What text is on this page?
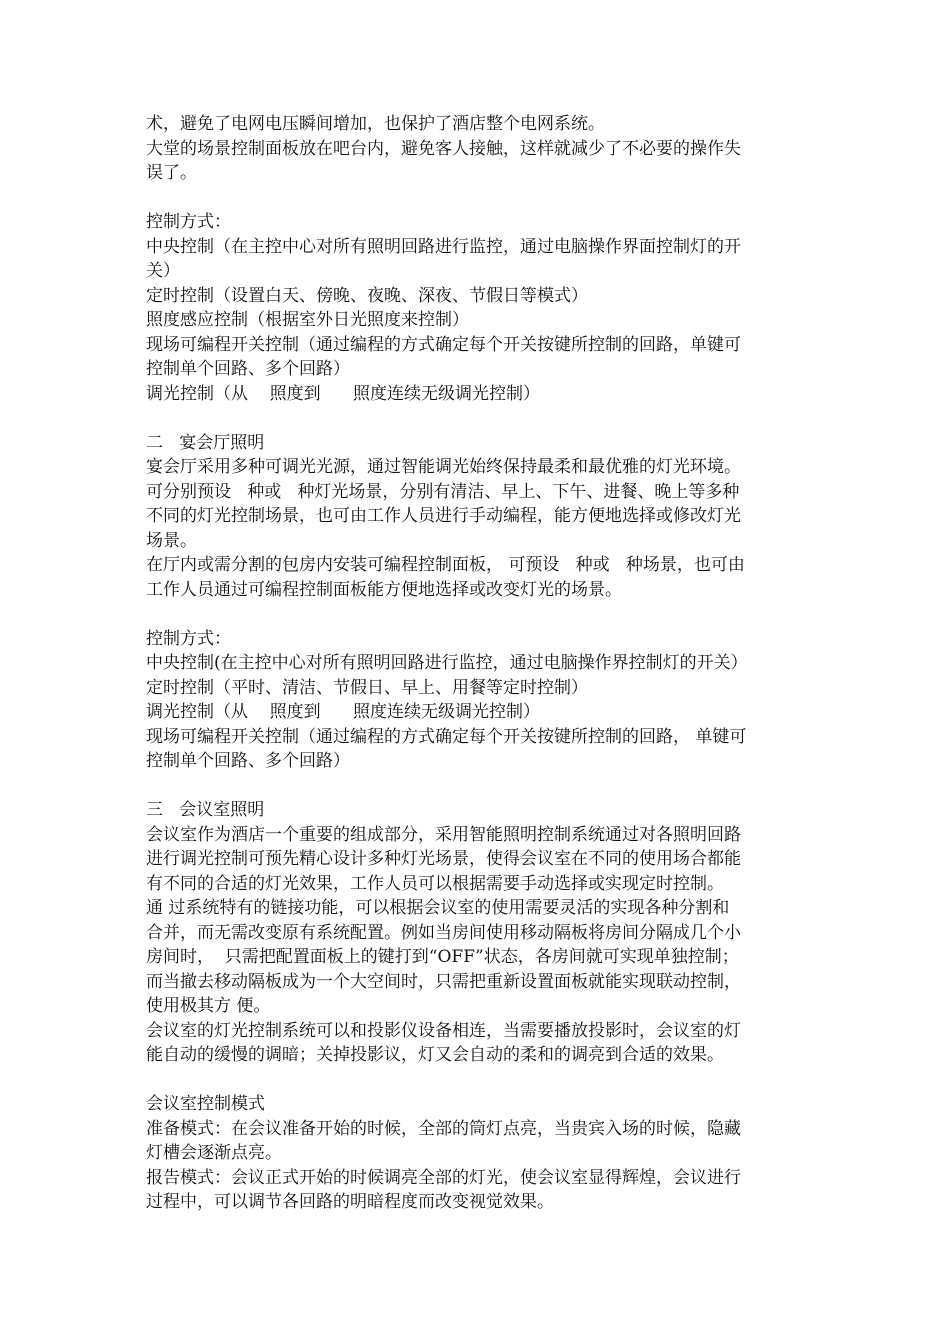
术，避免了电网电压瞬间增加，也保护了酒店整个电网系统。
大堂的场景控制面板放在吧台内，避免客人接触，这样就减少了不必要的操作失
误了。
控制方式：
中央控制（在主控中心对所有照明回路进行监控，通过电脑操作界面控制灯的开
关）
定时控制（设置白天、傍晚、夜晚、深夜、节假日等模式）
照度感应控制（根据室外日光照度来控制）
现场可编程开关控制（通过编程的方式确定每个开关按键所控制的回路，单键可
控制单个回路、多个回路）
调光控制（从    照度到      照度连续无级调光控制）
二   宴会厅照明
宴会厅采用多种可调光光源，通过智能调光始终保持最柔和最优雅的灯光环境。
可分别预设   种或   种灯光场景，分别有清洁、早上、下午、进餐、晚上等多种
不同的灯光控制场景，也可由工作人员进行手动编程，能方便地选择或修改灯光
场景。
在厅内或需分割的包房内安装可编程控制面板， 可预设   种或   种场景，也可由
工作人员通过可编程控制面板能方便地选择或改变灯光的场景。
控制方式：
中央控制(在主控中心对所有照明回路进行监控，通过电脑操作界控制灯的开关）
定时控制（平时、清洁、节假日、早上、用餐等定时控制）
调光控制（从    照度到      照度连续无级调光控制）
现场可编程开关控制（通过编程的方式确定每个开关按键所控制的回路， 单键可
控制单个回路、多个回路）
三   会议室照明
会议室作为酒店一个重要的组成部分，采用智能照明控制系统通过对各照明回路
进行调光控制可预先精心设计多种灯光场景，使得会议室在不同的使用场合都能
有不同的合适的灯光效果，工作人员可以根据需要手动选择或实现定时控制。
通 过系统特有的链接功能，可以根据会议室的使用需要灵活的实现各种分割和
合并，而无需改变原有系统配置。例如当房间使用移动隔板将房间分隔成几个小
房间时，  只需把配置面板上的键打到“OFF”状态，各房间就可实现单独控制；
而当撤去移动隔板成为一个大空间时，只需把重新设置面板就能实现联动控制，
使用极其方 便。
会议室的灯光控制系统可以和投影仪设备相连，当需要播放投影时，会议室的灯
能自动的缓慢的调暗；关掉投影议，灯又会自动的柔和的调亮到合适的效果。
会议室控制模式
准备模式：在会议准备开始的时候，全部的筒灯点亮，当贵宾入场的时候，隐藏
灯槽会逐渐点亮。
报告模式：会议正式开始的时候调亮全部的灯光，使会议室显得辉煌，会议进行
过程中，可以调节各回路的明暗程度而改变视觉效果。
